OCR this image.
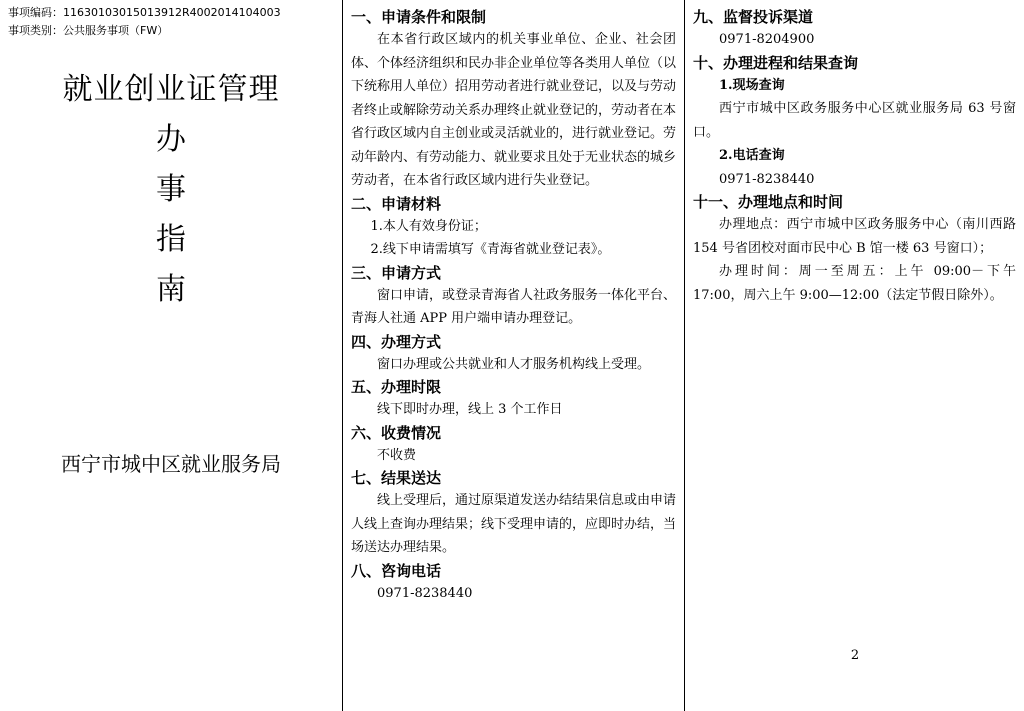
事项编码：11630103015013912R4002014104003
事项类别：公共服务事项（FW）
就业创业证管理
办
事
指
南
西宁市城中区就业服务局

一、申请条件和限制

在本省行政区域内的机关事业单位、企业、社会团体、个体经济组织和民办非企业单位等各类用人单位（以下统称用人单位）招用劳动者进行就业登记，以及与劳动者终止或解除劳动关系办理终止就业登记的，劳动者在本省行政区域内自主创业或灵活就业的，进行就业登记。劳动年龄内、有劳动能力、就业要求且处于无业状态的城乡劳动者，在本省行政区域内进行失业登记。

二、申请材料

1.本人有效身份证；

2.线下申请需填写《青海省就业登记表》。

三、申请方式

窗口申请，或登录青海省人社政务服务一体化平台、青海人社通 APP 用户端申请办理登记。

四、办理方式

窗口办理或公共就业和人才服务机构线上受理。

五、办理时限

线下即时办理，线上 3 个工作日

六、收费情况

不收费

七、结果送达

线上受理后，通过原渠道发送办结结果信息或由申请人线上查询办理结果；线下受理申请的，应即时办结，当场送达办理结果。

八、咨询电话

0971-8238440

九、监督投诉渠道

0971-8204900

十、办理进程和结果查询

1.现场查询

西宁市城中区政务服务中心区就业服务局 63 号窗口。

2.电话查询

0971-8238440

十一、办理地点和时间

办理地点：西宁市城中区政务服务中心（南川西路 154 号省团校对面市民中心 B 馆一楼 63 号窗口）；

办理时间：周一至周五：上午 09:00－下午 17:00，周六上午 9:00—12:00（法定节假日除外）。

2
